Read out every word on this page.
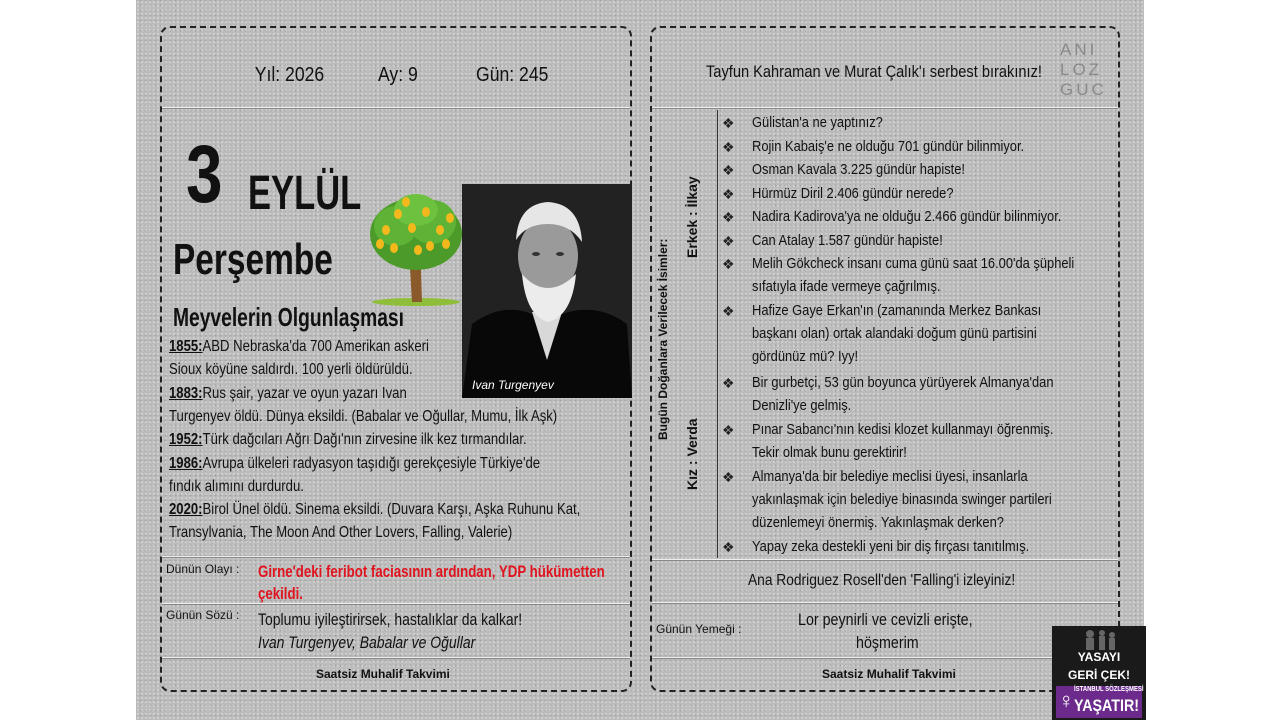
Yıl: 2026	Ay: 9	Gün: 245
3 EYLÜL
Perşembe
Ivan Turgenyev
Meyvelerin Olgunlaşması
1855:ABD Nebraska'da 700 Amerikan askeri
Sioux köyüne saldırdı. 100 yerli öldürüldü.
1883:Rus şair, yazar ve oyun yazarı Ivan
Turgenyev öldü. Dünya eksildi. (Babalar ve Oğullar, Mumu, İlk Aşk)
1952:Türk dağcıları Ağrı Dağı'nın zirvesine ilk kez tırmandılar.
1986:Avrupa ülkeleri radyasyon taşıdığı gerekçesiyle Türkiye'de
fındık alımını durdurdu.
2020:Birol Ünel öldü. Sinema eksildi. (Duvara Karşı, Aşka Ruhunu Kat,
Transylvania, The Moon And Other Lovers, Falling, Valerie)
Dünün Olayı : Girne'deki feribot faciasının ardından, YDP hükümetten
çekildi.
Günün Sözü : Toplumu iyileştirirsek, hastalıklar da kalkar!
Ivan Turgenyev, Babalar ve Oğullar
Saatsiz Muhalif Takvimi
Tayfun Kahraman ve Murat Çalık'ı serbest bırakınız!
ANI
LOZ
GUC
Bugün Doğanlara Verilecek İsimler:
Erkek : İlkay
Kız : Verda
❖ Gülistan'a ne yaptınız?
❖ Rojin Kabaiş'e ne olduğu 701 gündür bilinmiyor.
❖ Osman Kavala 3.225 gündür hapiste!
❖ Hürmüz Diril 2.406 gündür nerede?
❖ Nadira Kadirova'ya ne olduğu 2.466 gündür bilinmiyor.
❖ Can Atalay 1.587 gündür hapiste!
❖ Melih Gökcheck insanı cuma günü saat 16.00'da şüpheli
sıfatıyla ifade vermeye çağrılmış.
❖ Hafize Gaye Erkan'ın (zamanında Merkez Bankası
başkanı olan) ortak alandaki doğum günü partisini
gördünüz mü? Iyy!
❖ Bir gurbetçi, 53 gün boyunca yürüyerek Almanya'dan
Denizli'ye gelmiş.
❖ Pınar Sabancı'nın kedisi klozet kullanmayı öğrenmiş.
Tekir olmak bunu gerektirir!
❖ Almanya'da bir belediye meclisi üyesi, insanlarla
yakınlaşmak için belediye binasında swinger partileri
düzenlemeyi önermiş. Yakınlaşmak derken?
❖ Yapay zeka destekli yeni bir diş fırçası tanıtılmış.
Ana Rodriguez Rosell'den 'Falling'i izleyiniz!
Günün Yemeği :	Lor peynirli ve cevizli erişte,
höşmerim
Saatsiz Muhalif Takvimi
YASAYI
GERİ ÇEK!
♀ İSTANBUL SÖZLEŞMESİ
YAŞATIR!
